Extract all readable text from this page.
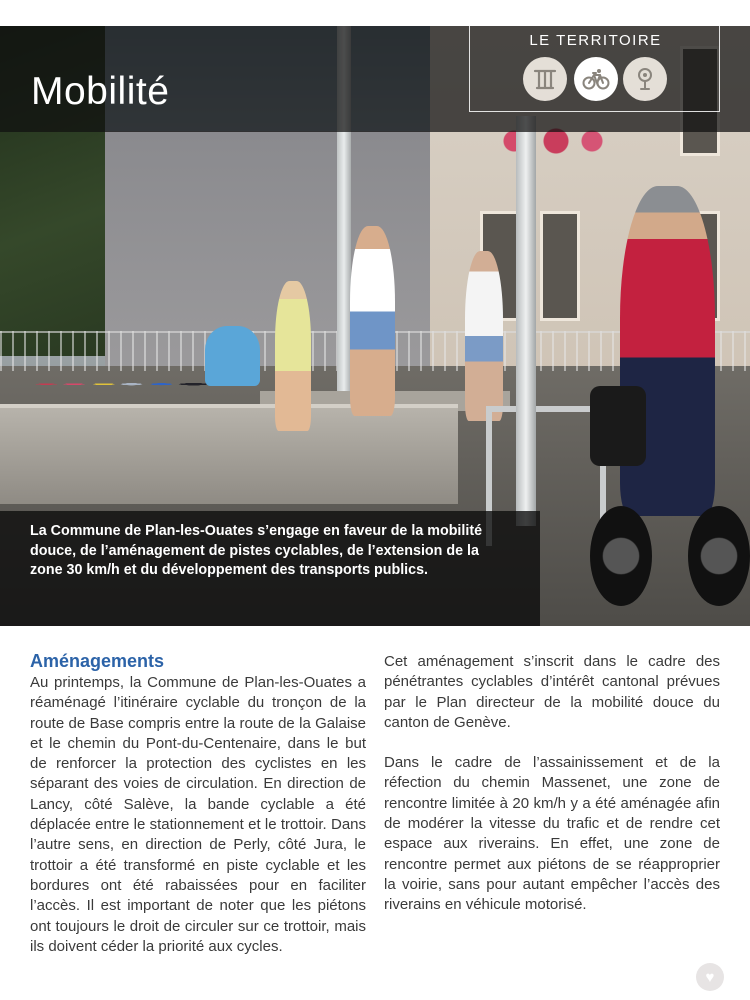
Mobilité
LE TERRITOIRE

La Commune de Plan-les-Ouates s’engage en faveur de la mobilité douce, de l’aménagement de pistes cyclables, de l’extension de la zone 30 km/h et du développement des transports publics.

Aménagements

Au printemps, la Commune de Plan-les-Ouates a réaménagé l’itinéraire cyclable du tronçon de la route de Base compris entre la route de la Galaise et le chemin du Pont-du-Centenaire, dans le but de renforcer la protection des cyclistes en les séparant des voies de circulation. En direction de Lancy, côté Salève, la bande cyclable a été déplacée entre le stationnement et le trottoir. Dans l’autre sens, en direction de Perly, côté Jura, le trottoir a été transformé en piste cyclable et les bordures ont été rabaissées pour en faciliter l’accès. Il est important de noter que les piétons ont toujours le droit de circuler sur ce trottoir, mais ils doivent céder la priorité aux cycles.

Cet aménagement s’inscrit dans le cadre des pénétrantes cyclables d’intérêt cantonal prévues par le Plan directeur de la mobilité douce du canton de Genève.

Dans le cadre de l’assainissement et de la réfection du chemin Massenet, une zone de rencontre limitée à 20 km/h y a été aménagée afin de modérer la vitesse du trafic et de rendre cet espace aux riverains. En effet, une zone de rencontre permet aux piétons de se réapproprier la voirie, sans pour autant empêcher l’accès des riverains en véhicule motorisé.

♥
